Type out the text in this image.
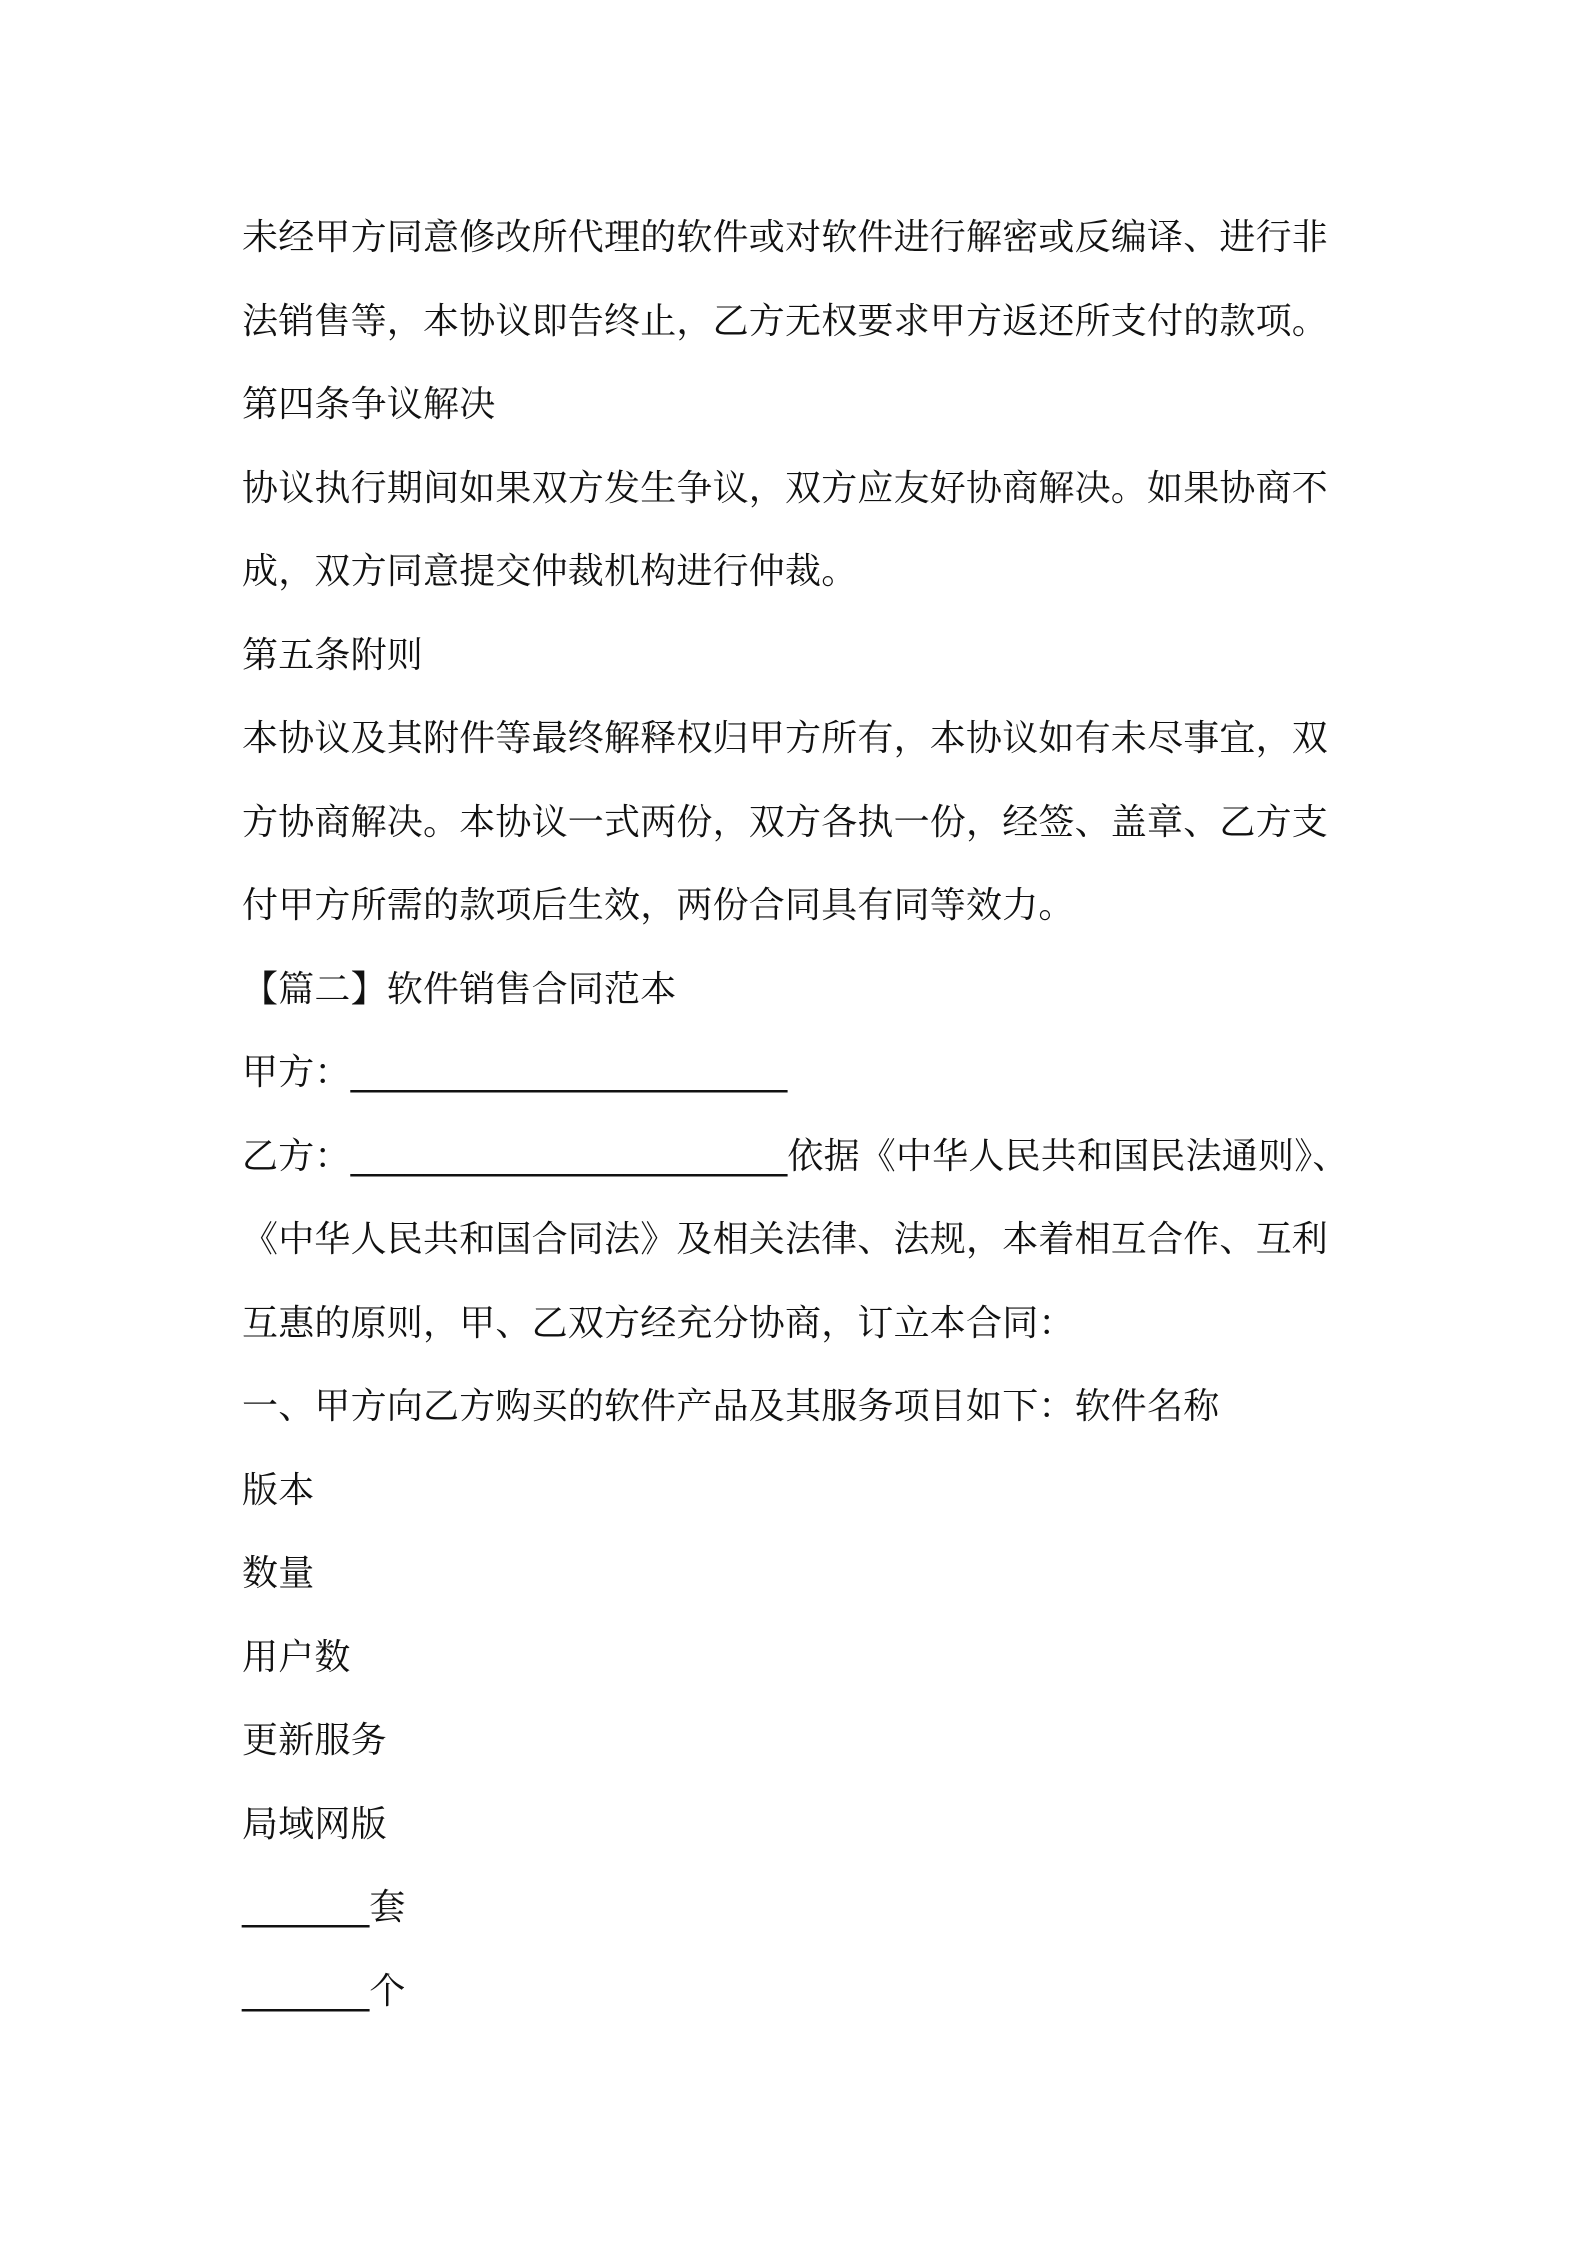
未经甲方同意修改所代理的软件或对软件进行解密或反编译、进行非
法销售等，本协议即告终止，乙方无权要求甲方返还所支付的款项。
第四条争议解决
协议执行期间如果双方发生争议，双方应友好协商解决。如果协商不
成，双方同意提交仲裁机构进行仲裁。
第五条附则
本协议及其附件等最终解释权归甲方所有，本协议如有未尽事宜，双
方协商解决。本协议一式两份，双方各执一份，经签、盖章、乙方支
付甲方所需的款项后生效，两份合同具有同等效力。
【篇二】软件销售合同范本
甲方：________________________
乙方：________________________依据《中华人民共和国民法通则》、
《中华人民共和国合同法》及相关法律、法规，本着相互合作、互利
互惠的原则，甲、乙双方经充分协商，订立本合同：
一、甲方向乙方购买的软件产品及其服务项目如下：软件名称
版本
数量
用户数
更新服务
局域网版
_______套
_______个
